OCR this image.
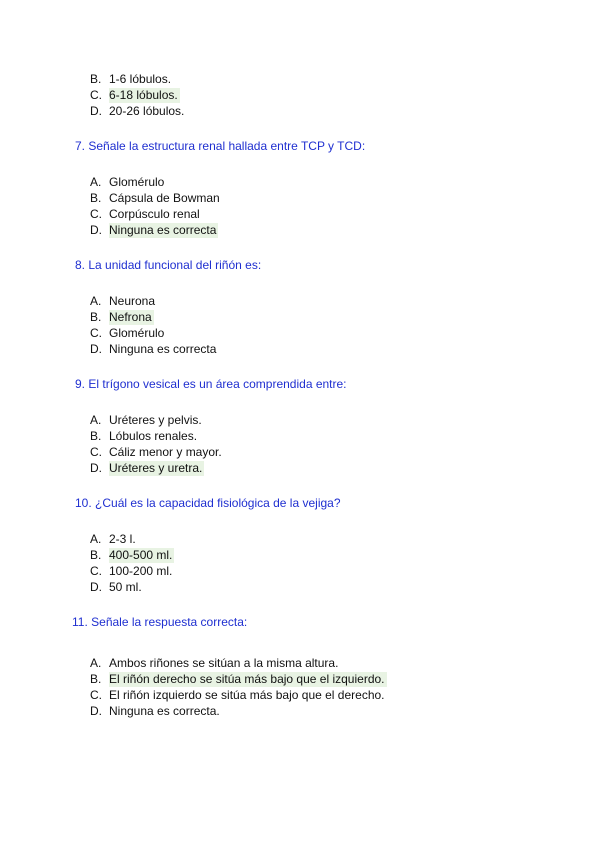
B. 1-6 lóbulos.
C. 6-18 lóbulos.
D. 20-26 lóbulos.
7. Señale la estructura renal hallada entre TCP y TCD:
A. Glomérulo
B. Cápsula de Bowman
C. Corpúsculo renal
D. Ninguna es correcta
8. La unidad funcional del riñón es:
A. Neurona
B. Nefrona
C. Glomérulo
D. Ninguna es correcta
9. El trígono vesical es un área comprendida entre:
A. Uréteres y pelvis.
B. Lóbulos renales.
C. Cáliz menor y mayor.
D. Uréteres y uretra.
10. ¿Cuál es la capacidad fisiológica de la vejiga?
A. 2-3 l.
B. 400-500 ml.
C. 100-200 ml.
D. 50 ml.
11. Señale la respuesta correcta:
A. Ambos riñones se sitúan a la misma altura.
B. El riñón derecho se sitúa más bajo que el izquierdo.
C. El riñón izquierdo se sitúa más bajo que el derecho.
D. Ninguna es correcta.
